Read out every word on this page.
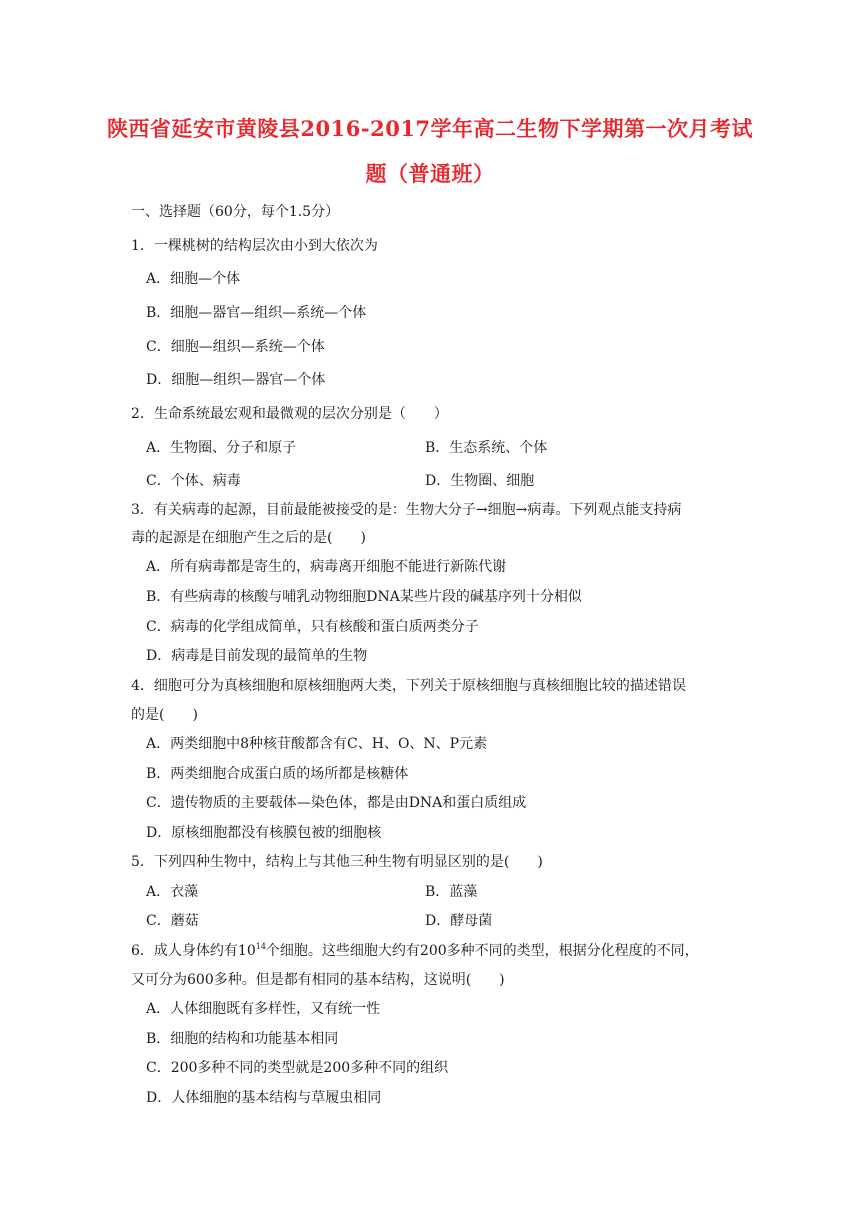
陕西省延安市黄陵县2016-2017学年高二生物下学期第一次月考试
题（普通班）
一、选择题（60分，每个1.5分）
1．一棵桃树的结构层次由小到大依次为
A．细胞—个体
B．细胞—器官—组织—系统—个体
C．细胞—组织—系统—个体
D．细胞—组织—器官—个体
2．生命系统最宏观和最微观的层次分别是（　　）
A．生物圈、分子和原子	B．生态系统、个体
C．个体、病毒	D．生物圈、细胞
3．有关病毒的起源，目前最能被接受的是：生物大分子→细胞→病毒。下列观点能支持病
毒的起源是在细胞产生之后的是(　　)
A．所有病毒都是寄生的，病毒离开细胞不能进行新陈代谢
B．有些病毒的核酸与哺乳动物细胞DNA某些片段的碱基序列十分相似
C．病毒的化学组成简单，只有核酸和蛋白质两类分子
D．病毒是目前发现的最简单的生物
4．细胞可分为真核细胞和原核细胞两大类，下列关于原核细胞与真核细胞比较的描述错误
的是(　　)
A．两类细胞中8种核苷酸都含有C、H、O、N、P元素
B．两类细胞合成蛋白质的场所都是核糖体
C．遗传物质的主要载体—染色体，都是由DNA和蛋白质组成
D．原核细胞都没有核膜包被的细胞核
5．下列四种生物中，结构上与其他三种生物有明显区别的是(　　)
A．衣藻	B．蓝藻
C．蘑菇	D．酵母菌
6．成人身体约有$10^{14}$个细胞。这些细胞大约有200多种不同的类型，根据分化程度的不同，
又可分为600多种。但是都有相同的基本结构，这说明(　　)
A．人体细胞既有多样性，又有统一性
B．细胞的结构和功能基本相同
C．200多种不同的类型就是200多种不同的组织
D．人体细胞的基本结构与草履虫相同
